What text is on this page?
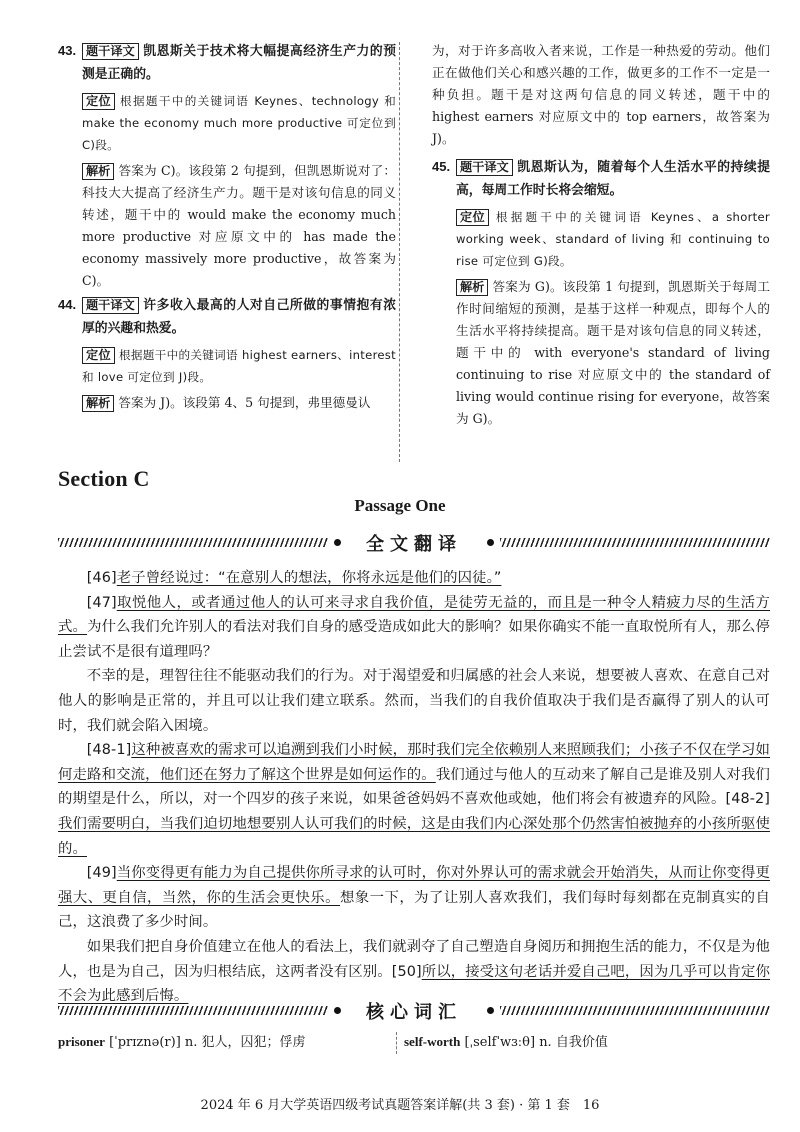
43. 题干译文 凯恩斯关于技术将大幅提高经济生产力的预测是正确的。
定位 根据题干中的关键词语 Keynes、technology 和 make the economy much more productive 可定位到 C)段。
解析 答案为 C)。该段第 2 句提到，但凯恩斯说对了：科技大大提高了经济生产力。题干是对该句信息的同义转述，题干中的 would make the economy much more productive 对应原文中的 has made the economy massively more productive，故答案为 C)。
44. 题干译文 许多收入最高的人对自己所做的事情抱有浓厚的兴趣和热爱。
定位 根据题干中的关键词语 highest earners、interest 和 love 可定位到 J)段。
解析 答案为 J)。该段第 4、5 句提到，弗里德曼认
为，对于许多高收入者来说，工作是一种热爱的劳动。他们正在做他们关心和感兴趣的工作，做更多的工作不一定是一种负担。题干是对这两句信息的同义转述，题干中的 highest earners 对应原文中的 top earners，故答案为 J)。
45. 题干译文 凯恩斯认为，随着每个人生活水平的持续提高，每周工作时长将会缩短。
定位 根据题干中的关键词语 Keynes、a shorter working week、standard of living 和 continuing to rise 可定位到 G)段。
解析 答案为 G)。该段第 1 句提到，凯恩斯关于每周工作时间缩短的预测，是基于这样一种观点，即每个人的生活水平将持续提高。题干是对该句信息的同义转述，题干中的 with everyone's standard of living continuing to rise 对应原文中的 the standard of living would continue rising for everyone，故答案为 G)。
Section C
Passage One
全文翻译

[46]老子曾经说过：“在意别人的想法，你将永远是他们的囚徒。”

[47]取悦他人，或者通过他人的认可来寻求自我价值，是徒劳无益的，而且是一种令人精疲力尽的生活方式。为什么我们允许别人的看法对我们自身的感受造成如此大的影响？如果你确实不能一直取悦所有人，那么停止尝试不是很有道理吗？

不幸的是，理智往往不能驱动我们的行为。对于渴望爱和归属感的社会人来说，想要被人喜欢、在意自己对他人的影响是正常的，并且可以让我们建立联系。然而，当我们的自我价值取决于我们是否赢得了别人的认可时，我们就会陷入困境。

[48-1]这种被喜欢的需求可以追溯到我们小时候，那时我们完全依赖别人来照顾我们；小孩子不仅在学习如何走路和交流，他们还在努力了解这个世界是如何运作的。我们通过与他人的互动来了解自己是谁及别人对我们的期望是什么，所以，对一个四岁的孩子来说，如果爸爸妈妈不喜欢他或她，他们将会有被遗弃的风险。[48-2]我们需要明白，当我们迫切地想要别人认可我们的时候，这是由我们内心深处那个仍然害怕被抛弃的小孩所驱使的。

[49]当你变得更有能力为自己提供你所寻求的认可时，你对外界认可的需求就会开始消失，从而让你变得更强大、更自信，当然，你的生活会更快乐。想象一下，为了让别人喜欢我们，我们每时每刻都在克制真实的自己，这浪费了多少时间。

如果我们把自身价值建立在他人的看法上，我们就剥夺了自己塑造自身阅历和拥抱生活的能力，不仅是为他人，也是为自己，因为归根结底，这两者没有区别。[50]所以，接受这句老话并爱自己吧，因为几乎可以肯定你不会为此感到后悔。

核心词汇
prisoner [ˈprɪznə(r)] n. 犯人，囚犯；俘虏	self-worth [ˌselfˈwɜːθ] n. 自我价值
2024 年 6 月大学英语四级考试真题答案详解(共 3 套) · 第 1 套　16
